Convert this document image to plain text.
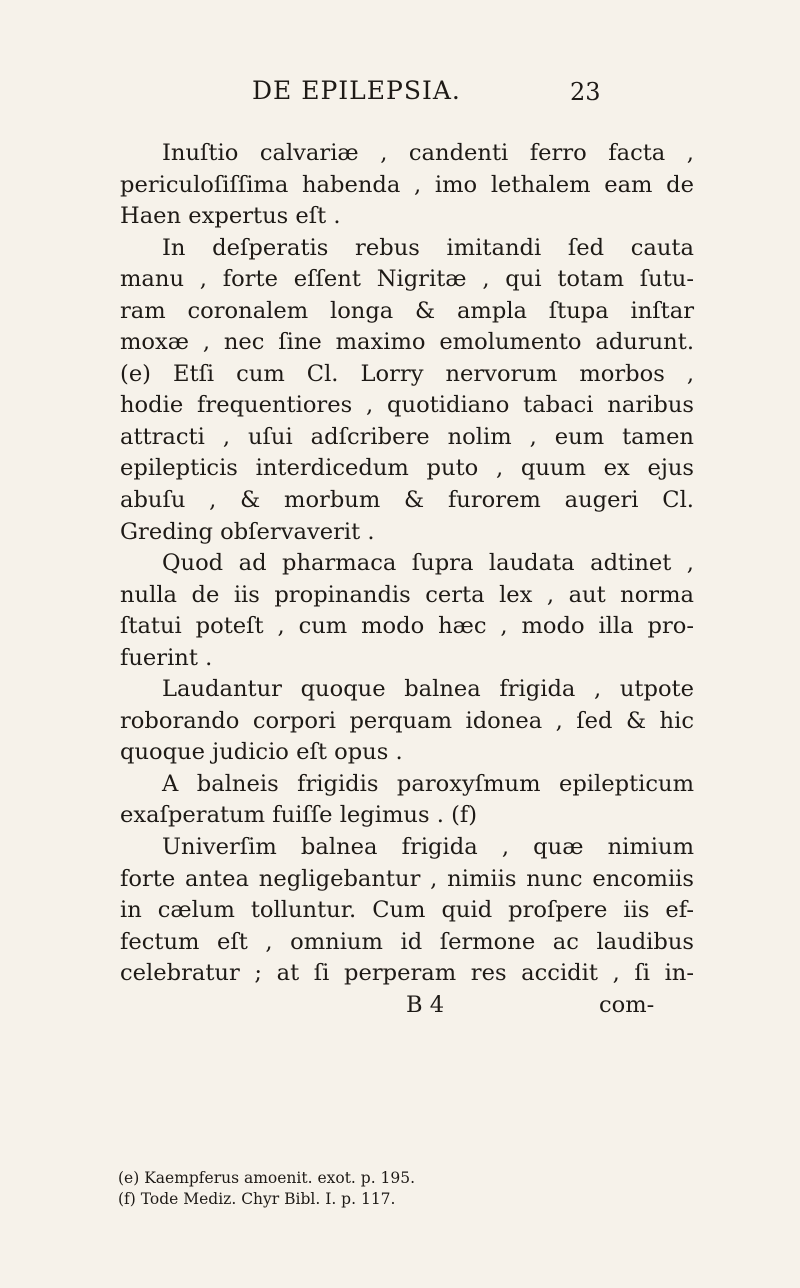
DE EPILEPSIA.	23
Inuſtio calvariæ , candenti ferro facta ,
periculoſiſſima habenda , imo lethalem eam de
Haen expertus eſt .
In deſperatis rebus imitandi ſed cauta
manu , forte eſſent Nigritæ , qui totam ſutu-
ram coronalem longa & ampla ſtupa inſtar
moxæ , nec ſine maximo emolumento adurunt.
(e) Etſi cum Cl. Lorry nervorum morbos ,
hodie frequentiores , quotidiano tabaci naribus
attracti , uſui adſcribere nolim , eum tamen
epilepticis interdicedum puto , quum ex ejus
abuſu , & morbum & furorem augeri Cl.
Greding obſervaverit .
Quod ad pharmaca ſupra laudata adtinet ,
nulla de iis propinandis certa lex , aut norma
ſtatui poteſt , cum modo hæc , modo illa pro-
fuerint .
Laudantur quoque balnea frigida , utpote
roborando corpori perquam idonea , ſed & hic
quoque judicio eſt opus .
A balneis frigidis paroxyſmum epilepticum
exaſperatum fuiſſe legimus . (f)
Univerſim balnea frigida , quæ nimium
forte antea negligebantur , nimiis nunc encomiis
in cælum tolluntur. Cum quid proſpere iis ef-
fectum eſt , omnium id ſermone ac laudibus
celebratur ; at ſi perperam res accidit , ſi in-
B 4	com-
(e) Kaempferus amoenit. exot. p. 195.
(f) Tode Mediz. Chyr Bibl. I. p. 117.
